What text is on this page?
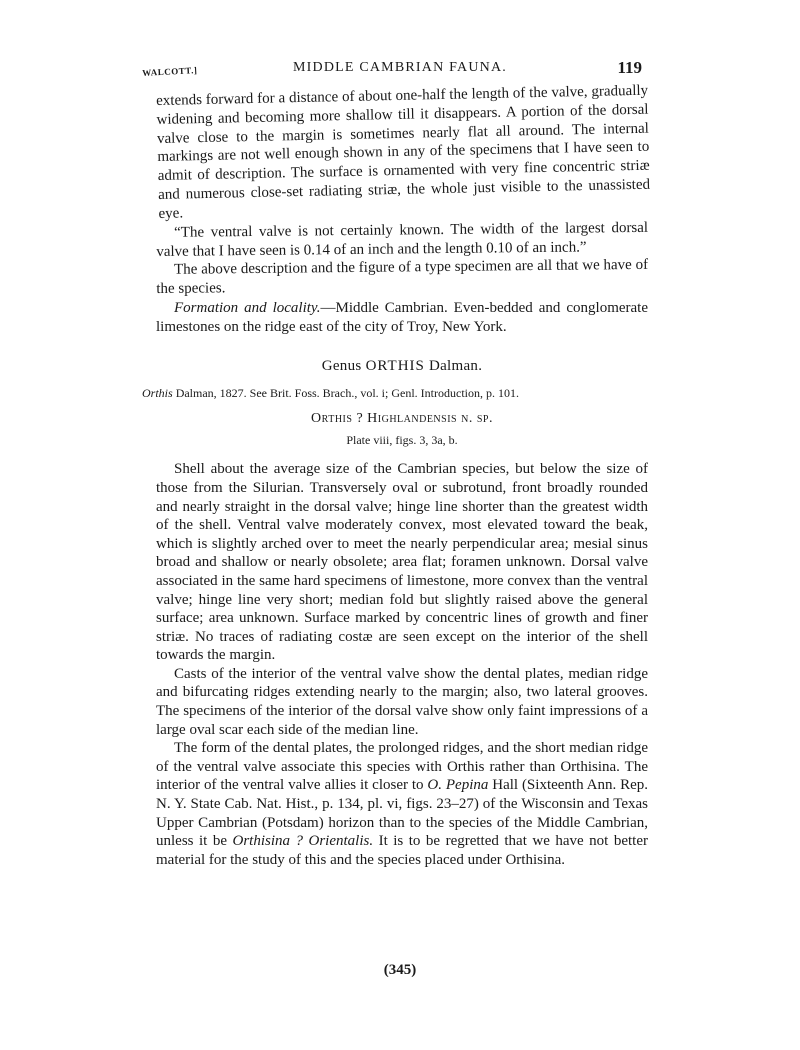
WALCOTT.]	MIDDLE CAMBRIAN FAUNA.	119

extends forward for a distance of about one-half the length of the valve, gradually widening and becoming more shallow till it disappears. A portion of the dorsal valve close to the margin is sometimes nearly flat all around. The internal markings are not well enough shown in any of the specimens that I have seen to admit of description. The surface is ornamented with very fine concentric striæ and numerous close-set radiating striæ, the whole just visible to the unassisted eye.

“The ventral valve is not certainly known. The width of the largest dorsal valve that I have seen is 0.14 of an inch and the length 0.10 of an inch.”

The above description and the figure of a type specimen are all that we have of the species.

Formation and locality.—Middle Cambrian. Even-bedded and conglomerate limestones on the ridge east of the city of Troy, New York.

Genus ORTHIS Dalman.
Orthis Dalman, 1827. See Brit. Foss. Brach., vol. i; Genl. Introduction, p. 101.
Orthis ? Highlandensis n. sp.
Plate viii, figs. 3, 3a, b.

Shell about the average size of the Cambrian species, but below the size of those from the Silurian. Transversely oval or subrotund, front broadly rounded and nearly straight in the dorsal valve; hinge line shorter than the greatest width of the shell. Ventral valve moderately convex, most elevated toward the beak, which is slightly arched over to meet the nearly perpendicular area; mesial sinus broad and shallow or nearly obsolete; area flat; foramen unknown. Dorsal valve associated in the same hard specimens of limestone, more convex than the ventral valve; hinge line very short; median fold but slightly raised above the general surface; area unknown. Surface marked by concentric lines of growth and finer striæ. No traces of radiating costæ are seen except on the interior of the shell towards the margin.

Casts of the interior of the ventral valve show the dental plates, median ridge and bifurcating ridges extending nearly to the margin; also, two lateral grooves. The specimens of the interior of the dorsal valve show only faint impressions of a large oval scar each side of the median line.

The form of the dental plates, the prolonged ridges, and the short median ridge of the ventral valve associate this species with Orthis rather than Orthisina. The interior of the ventral valve allies it closer to O. Pepina Hall (Sixteenth Ann. Rep. N. Y. State Cab. Nat. Hist., p. 134, pl. vi, figs. 23–27) of the Wisconsin and Texas Upper Cambrian (Potsdam) horizon than to the species of the Middle Cambrian, unless it be Orthisina ? Orientalis. It is to be regretted that we have not better material for the study of this and the species placed under Orthisina.

(345)
